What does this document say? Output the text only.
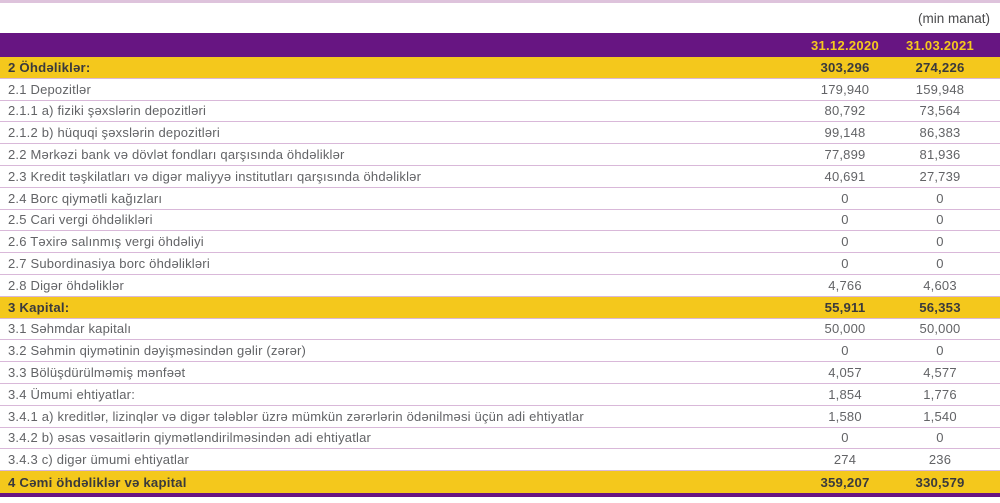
(min manat)
31.12.2020	31.03.2021
2 Öhdəliklər:	303,296	274,226
2.1 Depozitlər	179,940	159,948
2.1.1 a) fiziki şəxslərin depozitləri	80,792	73,564
2.1.2 b) hüquqi şəxslərin depozitləri	99,148	86,383
2.2 Mərkəzi bank və dövlət fondları qarşısında öhdəliklər	77,899	81,936
2.3 Kredit təşkilatları və digər maliyyə institutları qarşısında öhdəliklər	40,691	27,739
2.4 Borc qiymətli kağızları	0	0
2.5 Cari vergi öhdəlikləri	0	0
2.6 Təxirə salınmış vergi öhdəliyi	0	0
2.7 Subordinasiya borc öhdəlikləri	0	0
2.8 Digər öhdəliklər	4,766	4,603
3 Kapital:	55,911	56,353
3.1 Səhmdar kapitalı	50,000	50,000
3.2 Səhmin qiymətinin dəyişməsindən gəlir (zərər)	0	0
3.3 Bölüşdürülməmiş mənfəət	4,057	4,577
3.4 Ümumi ehtiyatlar:	1,854	1,776
3.4.1 a) kreditlər, lizinqlər və digər tələblər üzrə mümkün zərərlərin ödənilməsi üçün adi ehtiyatlar	1,580	1,540
3.4.2 b) əsas vəsaitlərin qiymətləndirilməsindən adi ehtiyatlar	0	0
3.4.3 c) digər ümumi ehtiyatlar	274	236
4 Cəmi öhdəliklər və kapital	359,207	330,579
